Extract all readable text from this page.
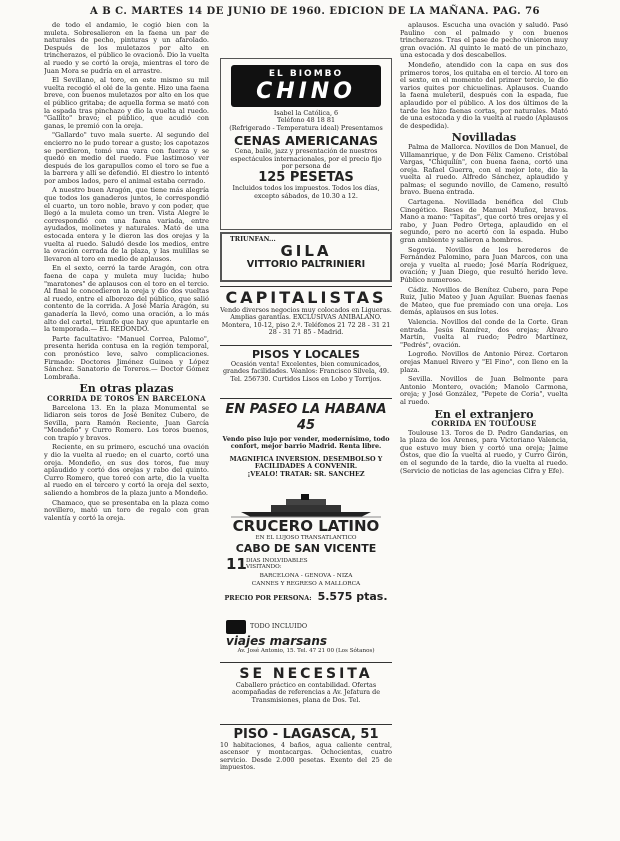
A B C. MARTES 14 DE JUNIO DE 1960. EDICION DE LA MAÑANA. PAG. 76

de todo el andamio, le cogió bien con la muleta. Sobresalieron en la faena un par de naturales de pecho, pinturas y un afarolado. Después de los muletazos por alto en trincherazos, el público le ovacionó. Dio la vuelta al ruedo y se cortó la oreja, mientras el toro de Juan Mora se pudría en el arrastre.

El Sevillano, al toro, en este mismo su mil vuelta recogió el olé de la gente. Hizo una faena breve, con buenos muletazos por alto en los que el público gritaba; de aquella forma se mató con la espada tras pinchazo y dio la vuelta al ruedo. "Gallito" bravo; el público, que acudió con ganas, le premió con la oreja.

"Gallardo" tuvo mala suerte. Al segundo del encierro no le pudo torear a gusto; los capotazos se perdieron, tomó una vara con fuerza y se quedó en medio del ruedo. Fue lastimoso ver después de los garapullos como el toro se fue a la barrera y allí se defendió. El diestro lo intentó por ambos lados, pero el animal estaba cerrado.

A nuestro buen Aragón, que tiene más alegría que todos los ganaderos juntos, le correspondió el cuarto, un toro noble, bravo y con poder, que llegó a la muleta como un tren. Vista Alegre le correspondió con una faena variada, entre ayudados, molinetes y naturales. Mató de una estocada entera y le dieron las dos orejas y la vuelta al ruedo. Saludó desde los medios, entre la ovación cerrada de la plaza, y las mulillas se llevaron al toro en medio de aplausos.

En el sexto, cerró la tarde Aragón, con otra faena de capa y muleta muy lucida; hubo "maratones" de aplausos con el toro en el tercio. Al final le concedieron la oreja y dio dos vueltas al ruedo, entre el alborozo del público, que salió contento de la corrida. A José María Aragón, su ganadería la llevó, como una oración, a lo más alto del cartel, triunfo que hay que apuntarle en la temporada.— EL REDONDO.

Parte facultativo: "Manuel Correa, Palomo", presenta herida contusa en la región temporal, con pronóstico leve, salvo complicaciones. Firmado: Doctores Jiménez Guinea y López Sánchez. Sanatorio de Toreros.— Doctor Gómez Lombraña.

En otras plazas
CORRIDA DE TOROS EN BARCELONA

Barcelona 13. En la plaza Monumental se lidiaron seis toros de José Benítez Cubero, de Sevilla, para Ramón Reciente, Juan García "Mondeño" y Curro Romero. Los toros buenos, con trapío y bravos.

Reciente, en su primero, escuchó una ovación y dio la vuelta al ruedo; en el cuarto, cortó una oreja. Mondeño, en sus dos toros, fue muy aplaudido y cortó dos orejas y rabo del quinto. Curro Romero, que toreó con arte, dio la vuelta al ruedo en el tercero y cortó la oreja del sexto, saliendo a hombros de la plaza junto a Mondeño.

Chamaco, que se presentaba en la plaza como novillero, mató un toro de regalo con gran valentía y cortó la oreja.

EL BIOMBO
CHINO
Isabel la Católica, 6
Teléfono 48 18 81
(Refrigerado - Temperatura ideal) Presentamos
CENAS AMERICANAS
Cena, baile, jazz y presentación de nuestros espectáculos internacionales, por el precio fijo por persona de
125 PESETAS
Incluidos todos los impuestos. Todos los días, excepto sábados, de 10.30 a 12.
TRIUNFAN...
GILA
VITTORIO PALTRINIERI
CAPITALISTAS
Vendo diversos negocios muy colocados en Ligueras. Amplias garantías. EXCLUSIVAS ANIBALANO. Montera, 10-12, piso 2.º. Teléfonos 21 72 28 - 31 21 28 - 31 71 85 - Madrid.
PISOS Y LOCALES
Ocasión venta! Excelentes, bien comunicados, grandes facilidades. Véanlos: Francisco Silvela, 49. Tel. 256730. Curtidos Lisos en Lobo y Torrijos.
EN PASEO LA HABANA 45
Vendo piso lujo por vender, modernísimo, todo confort, mejor barrio Madrid. Renta libre.
MAGNIFICA INVERSION. DESEMBOLSO Y FACILIDADES A CONVENIR.
¡VEALO! TRATAR: SR. SANCHEZ
CRUCERO LATINO
EN EL LUJOSO TRANSATLANTICO
CABO DE SAN VICENTE
11 DIAS INOLVIDABLES
VISITANDO:
BARCELONA - GENOVA - NIZA
CANNES Y REGRESO A MALLORCA
PRECIO POR PERSONA: 5.575 ptas.
TODO INCLUIDO
viajes marsans
Av. José Antonio, 15. Tel. 47 21 00 (Los Sótanos)
SE NECESITA
Caballero práctico en contabilidad. Ofertas acompañadas de referencias a Av. Jefatura de Transmisiones, plana de Dos. Tel.
PISO - LAGASCA, 51
10 habitaciones, 4 baños, agua caliente central, ascensor y montacargas. Ochocientas, cuatro servicio. Desde 2.000 pesetas. Exento del 25 de impuestos.

aplausos. Escucha una ovación y saludó. Pasó Paulino con el palmado y con buenos trincherazos. Tras el pase de pecho vinieron muy gran ovación. Al quinto le mató de un pinchazo, una estocada y dos descabellos.

Mondeño, atendido con la capa en sus dos primeros toros, los quitaba en el tercio. Al toro en el sexto, en el momento del primer tercio, le dio varios quites por chicuelinas. Aplausos. Cuando la faena muleteril, después con la espada, fue aplaudido por el público. A los dos últimos de la tarde les hizo faenas cortas, por naturales. Mató de una estocada y dio la vuelta al ruedo (Aplausos de despedida).

Novilladas

Palma de Mallorca. Novillos de Don Manuel, de Villamanrique, y de Don Félix Cameno. Cristóbal Vargas, "Chiquilín", con buena faena, cortó una oreja. Rafael Guerra, con el mejor lote, dio la vuelta al ruedo. Alfredo Sánchez, aplaudido y palmas; el segundo novillo, de Cameno, resultó bravo. Buena entrada.

Cartagena. Novillada benéfica del Club Cinegético. Reses de Manuel Muñoz, bravos. Mano a mano: "Tapitas", que cortó tres orejas y el rabo, y Juan Pedro Ortega, aplaudido en el segundo, pero no acertó con la espada. Hubo gran ambiente y salieron a hombros.

Segovia. Novillos de los herederos de Fernández Palomino, para Juan Marcos, con una oreja y vuelta al ruedo; José María Rodríguez, ovación; y Juan Diego, que resultó herido leve. Público numeroso.

Cádiz. Novillos de Benítez Cubero, para Pepe Ruiz, Julio Mateo y Juan Aguilar. Buenas faenas de Mateo, que fue premiado con una oreja. Los demás, aplausos en sus lotes.

Valencia. Novillos del conde de la Corte. Gran entrada. Jesús Ramírez, dos orejas; Álvaro Martín, vuelta al ruedo; Pedro Martínez, "Pedrés", ovación.

Logroño. Novillos de Antonio Pérez. Cortaron orejas Manuel Rivero y "El Fino", con lleno en la plaza.

Sevilla. Novillos de Juan Belmonte para Antonio Montero, ovación; Manolo Carmona, oreja; y José González, "Pepete de Coria", vuelta al ruedo.

En el extranjero
CORRIDA EN TOULOUSE

Toulouse 13. Toros de D. Pedro Gandarias, en la plaza de los Arenes, para Victoriano Valencia, que estuvo muy bien y cortó una oreja; Jaime Ostos, que dio la vuelta al ruedo, y Curro Girón, en el segundo de la tarde, dio la vuelta al ruedo. (Servicio de noticias de las agencias Cifra y Efe).
